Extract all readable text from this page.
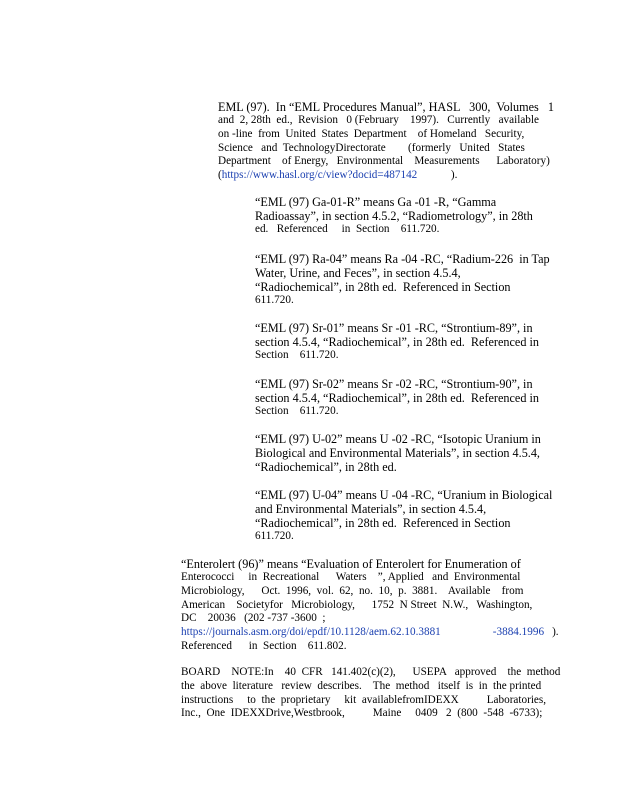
EML (97).  In “EML Procedures Manual”, HASL   300,  Volumes   1
and  2, 28th  ed.,  Revision   0 (February    1997).   Currently   available
on -line  from  United  States  Department    of Homeland   Security,
Science   and  TechnologyDirectorate        (formerly   United   States
Department    of Energy,   Environmental    Measurements      Laboratory)
(https://www.hasl.org/c/view?docid=487142            ).
“EML (97) Ga-01-R” means Ga -01 -R, “Gamma
Radioassay”, in section 4.5.2, “Radiometrology”, in 28th
ed.   Referenced     in  Section    611.720.
“EML (97) Ra-04” means Ra -04 -RC, “Radium-226  in Tap
Water, Urine, and Feces”, in section 4.5.4,
“Radiochemical”, in 28th ed.  Referenced in Section
611.720.
“EML (97) Sr-01” means Sr -01 -RC, “Strontium-89”, in
section 4.5.4, “Radiochemical”, in 28th ed.  Referenced in
Section    611.720.
“EML (97) Sr-02” means Sr -02 -RC, “Strontium-90”, in
section 4.5.4, “Radiochemical”, in 28th ed.  Referenced in
Section    611.720.
“EML (97) U-02” means U -02 -RC, “Isotopic Uranium in
Biological and Environmental Materials”, in section 4.5.4,
“Radiochemical”, in 28th ed.
“EML (97) U-04” means U -04 -RC, “Uranium in Biological
and Environmental Materials”, in section 4.5.4,
“Radiochemical”, in 28th ed.  Referenced in Section
611.720.
“Enterolert (96)” means “Evaluation of Enterolert for Enumeration of
Enterococci     in  Recreational      Waters    ”, Applied   and  Environmental
Microbiology,      Oct.  1996,  vol.  62,  no.  10,  p.  3881.    Available    from
American    Societyfor   Microbiology,      1752  N Street  N.W.,   Washington,
DC    20036   (202 -737 -3600  ;
https://journals.asm.org/doi/epdf/10.1128/aem.62.10.3881	-3884.1996 ).
Referenced      in  Section    611.802.
BOARD    NOTE:In    40  CFR   141.402(c)(2),      USEPA   approved    the  method
the  above  literature   review  describes.    The  method   itself  is  in  the printed
instructions     to  the  proprietary     kit  availablefromIDEXX          Laboratories,
Inc.,  One  IDEXXDrive,Westbrook,          Maine     0409   2  (800  -548  -6733);
